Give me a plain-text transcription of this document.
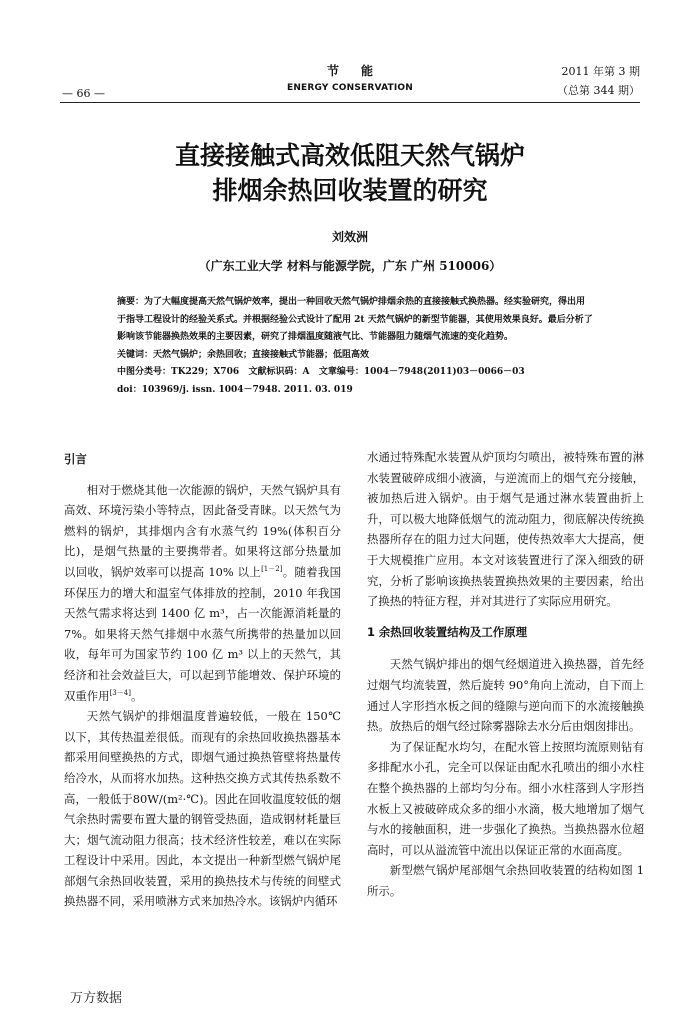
— 66 —
节能
ENERGY CONSERVATION
2011 年第 3 期
（总第 344 期）
直接接触式高效低阻天然气锅炉
排烟余热回收装置的研究
刘效洲
（广东工业大学 材料与能源学院，广东 广州 510006）

摘要：为了大幅度提高天然气锅炉效率，提出一种回收天然气锅炉排烟余热的直接接触式换热器。经实验研究，得出用于指导工程设计的经验关系式。并根据经验公式设计了配用 2t 天然气锅炉的新型节能器，其使用效果良好。最后分析了影响该节能器换热效果的主要因素，研究了排烟温度随液气比、节能器阻力随烟气流速的变化趋势。

关键词：天然气锅炉；余热回收；直接接触式节能器；低阻高效

中图分类号：TK229；X706 文献标识码：A 文章编号：1004－7948(2011)03－0066－03

doi：103969/j. issn. 1004－7948. 2011. 03. 019

引言

相对于燃烧其他一次能源的锅炉，天然气锅炉具有高效、环境污染小等特点，因此备受青睐。以天然气为燃料的锅炉，其排烟内含有水蒸气约 19%(体积百分比)，是烟气热量的主要携带者。如果将这部分热量加以回收，锅炉效率可以提高 10% 以上[1－2]。随着我国环保压力的增大和温室气体排放的控制，2010 年我国天然气需求将达到 1400 亿 m³，占一次能源消耗量的 7%。如果将天然气排烟中水蒸气所携带的热量加以回收，每年可为国家节约 100 亿 m³ 以上的天然气，其经济和社会效益巨大，可以起到节能增效、保护环境的双重作用[3－4]。

天然气锅炉的排烟温度普遍较低，一般在 150℃以下，其传热温差很低。而现有的余热回收换热器基本都采用间壁换热的方式，即烟气通过换热管壁将热量传给冷水，从而将水加热。这种热交换方式其传热系数不高，一般低于80W/(m²·℃)。因此在回收温度较低的烟气余热时需要布置大量的钢管受热面，造成钢材耗量巨大；烟气流动阻力很高；技术经济性较差，难以在实际工程设计中采用。因此，本文提出一种新型燃气锅炉尾部烟气余热回收装置，采用的换热技术与传统的间壁式换热器不同，采用喷淋方式来加热冷水。该锅炉内循环

水通过特殊配水装置从炉顶均匀喷出，被特殊布置的淋水装置破碎成细小液滴，与逆流而上的烟气充分接触，被加热后进入锅炉。由于烟气是通过淋水装置曲折上升，可以极大地降低烟气的流动阻力，彻底解决传统换热器所存在的阻力过大问题，使传热效率大大提高，便于大规模推广应用。本文对该装置进行了深入细致的研究，分析了影响该换热装置换热效果的主要因素，给出了换热的特征方程，并对其进行了实际应用研究。

1 余热回收装置结构及工作原理

天然气锅炉排出的烟气经烟道进入换热器，首先经过烟气均流装置，然后旋转 90°角向上流动，自下而上通过人字形挡水板之间的缝隙与逆向而下的水流接触换热。放热后的烟气经过除雾器除去水分后由烟囱排出。

为了保证配水均匀，在配水管上按照均流原则钻有多排配水小孔，完全可以保证由配水孔喷出的细小水柱在整个换热器的上部均匀分布。细小水柱落到人字形挡水板上又被破碎成众多的细小水滴，极大地增加了烟气与水的接触面积，进一步强化了换热。当换热器水位超高时，可以从溢流管中流出以保证正常的水面高度。

新型燃气锅炉尾部烟气余热回收装置的结构如图 1 所示。

万方数据
